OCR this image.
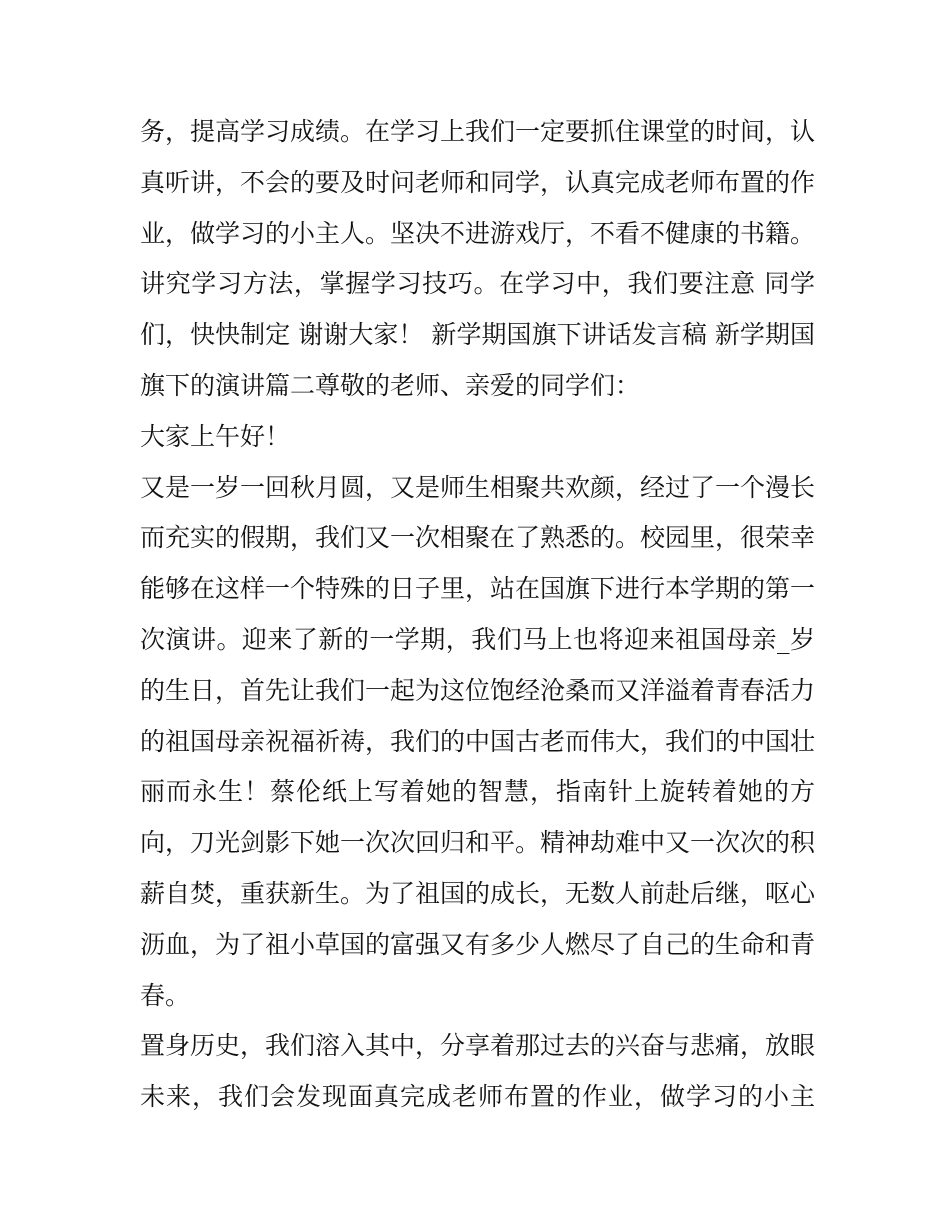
务，提高学习成绩。在学习上我们一定要抓住课堂的时间，认
真听讲，不会的要及时问老师和同学，认真完成老师布置的作
业，做学习的小主人。坚决不进游戏厅，不看不健康的书籍。
讲究学习方法，掌握学习技巧。在学习中，我们要注意 同学
们，快快制定 谢谢大家！ 新学期国旗下讲话发言稿 新学期国
旗下的演讲篇二尊敬的老师、亲爱的同学们：
大家上午好！
又是一岁一回秋月圆，又是师生相聚共欢颜，经过了一个漫长
而充实的假期，我们又一次相聚在了熟悉的。校园里，很荣幸
能够在这样一个特殊的日子里，站在国旗下进行本学期的第一
次演讲。迎来了新的一学期，我们马上也将迎来祖国母亲_岁
的生日，首先让我们一起为这位饱经沧桑而又洋溢着青春活力
的祖国母亲祝福祈祷，我们的中国古老而伟大，我们的中国壮
丽而永生！蔡伦纸上写着她的智慧，指南针上旋转着她的方
向，刀光剑影下她一次次回归和平。精神劫难中又一次次的积
薪自焚，重获新生。为了祖国的成长，无数人前赴后继，呕心
沥血，为了祖小草国的富强又有多少人燃尽了自己的生命和青
春。
置身历史，我们溶入其中，分享着那过去的兴奋与悲痛，放眼
未来，我们会发现面真完成老师布置的作业，做学习的小主
